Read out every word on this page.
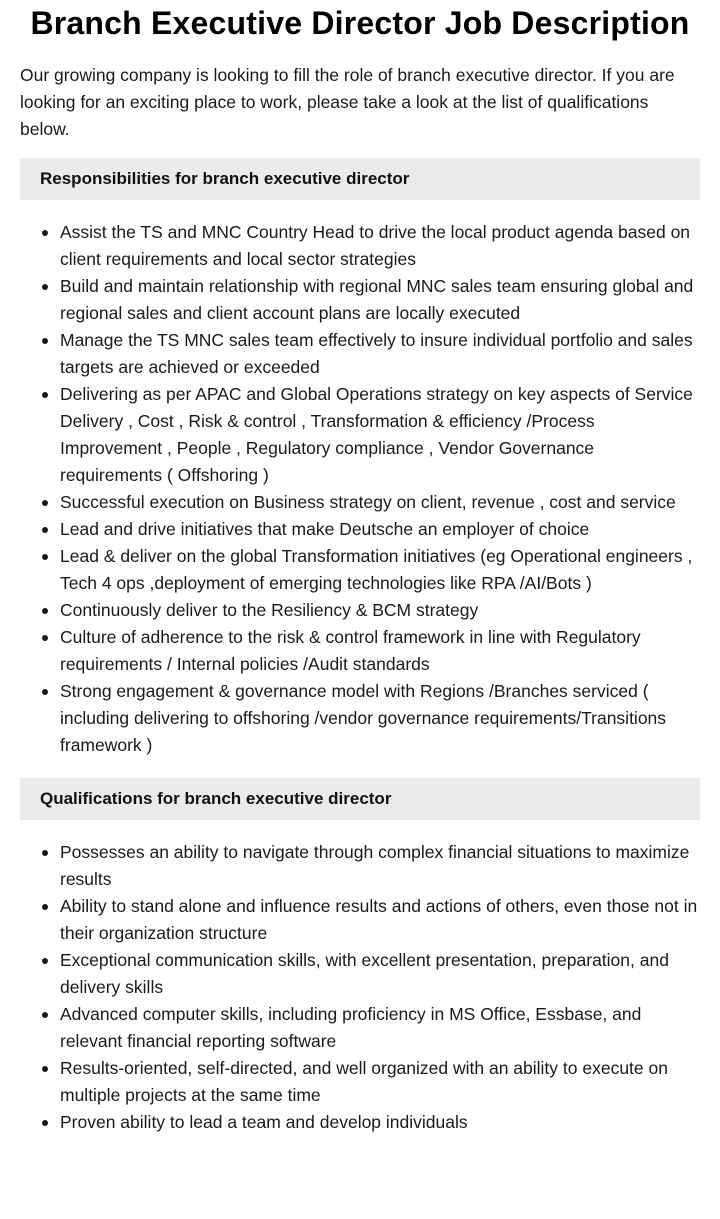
Branch Executive Director Job Description

Our growing company is looking to fill the role of branch executive director. If you are looking for an exciting place to work, please take a look at the list of qualifications below.

Responsibilities for branch executive director
Assist the TS and MNC Country Head to drive the local product agenda based on client requirements and local sector strategies
Build and maintain relationship with regional MNC sales team ensuring global and regional sales and client account plans are locally executed
Manage the TS MNC sales team effectively to insure individual portfolio and sales targets are achieved or exceeded
Delivering as per APAC and Global Operations strategy on key aspects of Service Delivery , Cost , Risk & control , Transformation & efficiency /Process Improvement , People , Regulatory compliance , Vendor Governance requirements ( Offshoring )
Successful execution on Business strategy on client, revenue , cost and service
Lead and drive initiatives that make Deutsche an employer of choice
Lead & deliver on the global Transformation initiatives (eg Operational engineers , Tech 4 ops ,deployment of emerging technologies like RPA /AI/Bots )
Continuously deliver to the Resiliency & BCM strategy
Culture of adherence to the risk & control framework in line with Regulatory requirements / Internal policies /Audit standards
Strong engagement & governance model with Regions /Branches serviced ( including delivering to offshoring /vendor governance requirements/Transitions framework )
Qualifications for branch executive director
Possesses an ability to navigate through complex financial situations to maximize results
Ability to stand alone and influence results and actions of others, even those not in their organization structure
Exceptional communication skills, with excellent presentation, preparation, and delivery skills
Advanced computer skills, including proficiency in MS Office, Essbase, and relevant financial reporting software
Results-oriented, self-directed, and well organized with an ability to execute on multiple projects at the same time
Proven ability to lead a team and develop individuals
